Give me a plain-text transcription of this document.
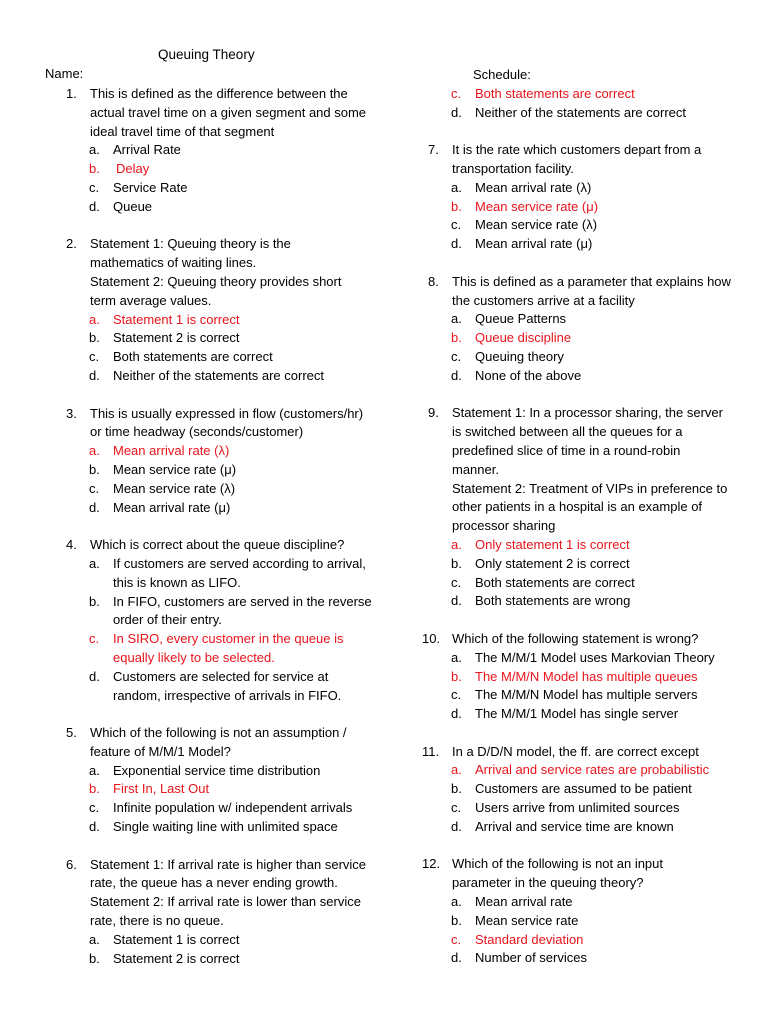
Queuing Theory
Name:
1. This is defined as the difference between the
actual travel time on a given segment and some
ideal travel time of that segment
a. Arrival Rate
b. Delay
c. Service Rate
d. Queue
2. Statement 1: Queuing theory is the
mathematics of waiting lines.
Statement 2: Queuing theory provides short
term average values.
a. Statement 1 is correct
b. Statement 2 is correct
c. Both statements are correct
d. Neither of the statements are correct
3. This is usually expressed in flow (customers/hr)
or time headway (seconds/customer)
a. Mean arrival rate (λ)
b. Mean service rate (μ)
c. Mean service rate (λ)
d. Mean arrival rate (μ)
4. Which is correct about the queue discipline?
a. If customers are served according to arrival,
this is known as LIFO.
b. In FIFO, customers are served in the reverse
order of their entry.
c. In SIRO, every customer in the queue is
equally likely to be selected.
d. Customers are selected for service at
random, irrespective of arrivals in FIFO.
5. Which of the following is not an assumption /
feature of M/M/1 Model?
a. Exponential service time distribution
b. First In, Last Out
c. Infinite population w/ independent arrivals
d. Single waiting line with unlimited space
6. Statement 1: If arrival rate is higher than service
rate, the queue has a never ending growth.
Statement 2: If arrival rate is lower than service
rate, there is no queue.
a. Statement 1 is correct
b. Statement 2 is correct
Schedule:
c. Both statements are correct
d. Neither of the statements are correct
7. It is the rate which customers depart from a
transportation facility.
a. Mean arrival rate (λ)
b. Mean service rate (μ)
c. Mean service rate (λ)
d. Mean arrival rate (μ)
8. This is defined as a parameter that explains how
the customers arrive at a facility
a. Queue Patterns
b. Queue discipline
c. Queuing theory
d. None of the above
9. Statement 1: In a processor sharing, the server
is switched between all the queues for a
predefined slice of time in a round-robin
manner.
Statement 2: Treatment of VIPs in preference to
other patients in a hospital is an example of
processor sharing
a. Only statement 1 is correct
b. Only statement 2 is correct
c. Both statements are correct
d. Both statements are wrong
10. Which of the following statement is wrong?
a. The M/M/1 Model uses Markovian Theory
b. The M/M/N Model has multiple queues
c. The M/M/N Model has multiple servers
d. The M/M/1 Model has single server
11. In a D/D/N model, the ff. are correct except
a. Arrival and service rates are probabilistic
b. Customers are assumed to be patient
c. Users arrive from unlimited sources
d. Arrival and service time are known
12. Which of the following is not an input
parameter in the queuing theory?
a. Mean arrival rate
b. Mean service rate
c. Standard deviation
d. Number of services
